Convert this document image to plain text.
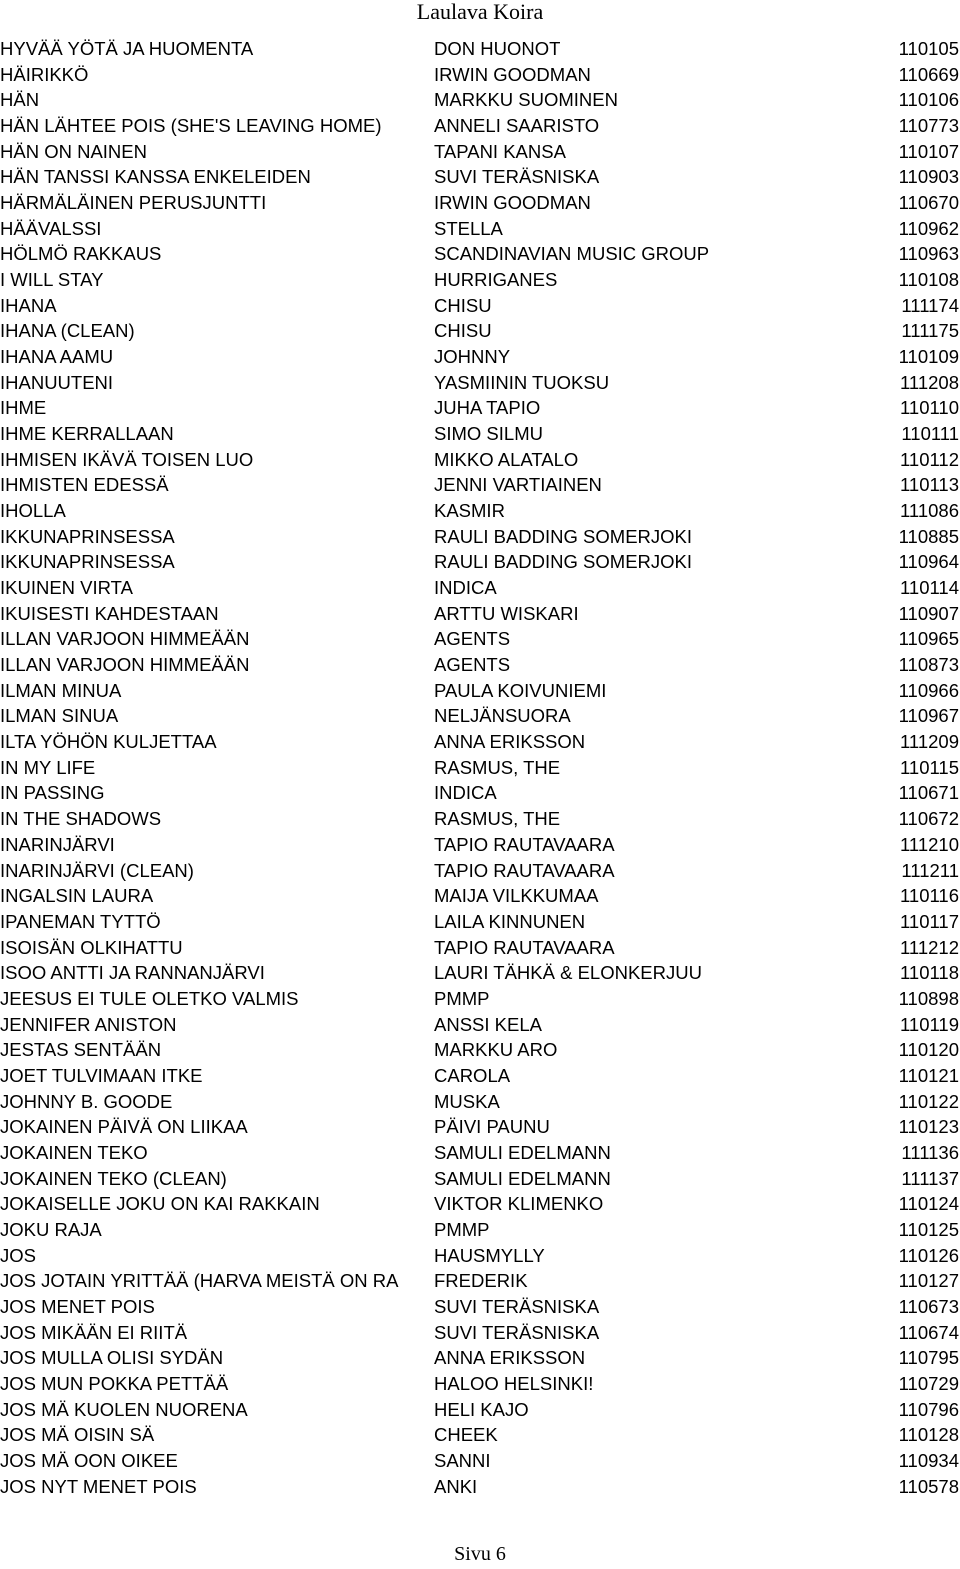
Laulava Koira
HYVÄÄ YÖTÄ JA HUOMENTA	DON HUONOT	110105
HÄIRIKKÖ	IRWIN GOODMAN	110669
HÄN	MARKKU SUOMINEN	110106
HÄN LÄHTEE POIS (SHE'S LEAVING HOME)	ANNELI SAARISTO	110773
HÄN ON NAINEN	TAPANI KANSA	110107
HÄN TANSSI KANSSA ENKELEIDEN	SUVI TERÄSNISKA	110903
HÄRMÄLÄINEN PERUSJUNTTI	IRWIN GOODMAN	110670
HÄÄVALSSI	STELLA	110962
HÖLMÖ RAKKAUS	SCANDINAVIAN MUSIC GROUP	110963
I WILL STAY	HURRIGANES	110108
IHANA	CHISU	111174
IHANA (CLEAN)	CHISU	111175
IHANA AAMU	JOHNNY	110109
IHANUUTENI	YASMIININ TUOKSU	111208
IHME	JUHA TAPIO	110110
IHME KERRALLAAN	SIMO SILMU	110111
IHMISEN IKÄVÄ TOISEN LUO	MIKKO ALATALO	110112
IHMISTEN EDESSÄ	JENNI VARTIAINEN	110113
IHOLLA	KASMIR	111086
IKKUNAPRINSESSA	RAULI BADDING SOMERJOKI	110885
IKKUNAPRINSESSA	RAULI BADDING SOMERJOKI	110964
IKUINEN VIRTA	INDICA	110114
IKUISESTI KAHDESTAAN	ARTTU WISKARI	110907
ILLAN VARJOON HIMMEÄÄN	AGENTS	110965
ILLAN VARJOON HIMMEÄÄN	AGENTS	110873
ILMAN MINUA	PAULA KOIVUNIEMI	110966
ILMAN SINUA	NELJÄNSUORA	110967
ILTA YÖHÖN KULJETTAA	ANNA ERIKSSON	111209
IN MY LIFE	RASMUS, THE	110115
IN PASSING	INDICA	110671
IN THE SHADOWS	RASMUS, THE	110672
INARINJÄRVI	TAPIO RAUTAVAARA	111210
INARINJÄRVI (CLEAN)	TAPIO RAUTAVAARA	111211
INGALSIN LAURA	MAIJA VILKKUMAA	110116
IPANEMAN TYTTÖ	LAILA KINNUNEN	110117
ISOISÄN OLKIHATTU	TAPIO RAUTAVAARA	111212
ISOO ANTTI JA RANNANJÄRVI	LAURI TÄHKÄ & ELONKERJUU	110118
JEESUS EI TULE OLETKO VALMIS	PMMP	110898
JENNIFER ANISTON	ANSSI KELA	110119
JESTAS SENTÄÄN	MARKKU ARO	110120
JOET TULVIMAAN ITKE	CAROLA	110121
JOHNNY B. GOODE	MUSKA	110122
JOKAINEN PÄIVÄ ON LIIKAA	PÄIVI PAUNU	110123
JOKAINEN TEKO	SAMULI EDELMANN	111136
JOKAINEN TEKO (CLEAN)	SAMULI EDELMANN	111137
JOKAISELLE JOKU ON KAI RAKKAIN	VIKTOR KLIMENKO	110124
JOKU RAJA	PMMP	110125
JOS	HAUSMYLLY	110126
JOS JOTAIN YRITTÄÄ (HARVA MEISTÄ ON RA	FREDERIK	110127
JOS MENET POIS	SUVI TERÄSNISKA	110673
JOS MIKÄÄN EI RIITÄ	SUVI TERÄSNISKA	110674
JOS MULLA OLISI SYDÄN	ANNA ERIKSSON	110795
JOS MUN POKKA PETTÄÄ	HALOO HELSINKI!	110729
JOS MÄ KUOLEN NUORENA	HELI KAJO	110796
JOS MÄ OISIN SÄ	CHEEK	110128
JOS MÄ OON OIKEE	SANNI	110934
JOS NYT MENET POIS	ANKI	110578
Sivu 6
